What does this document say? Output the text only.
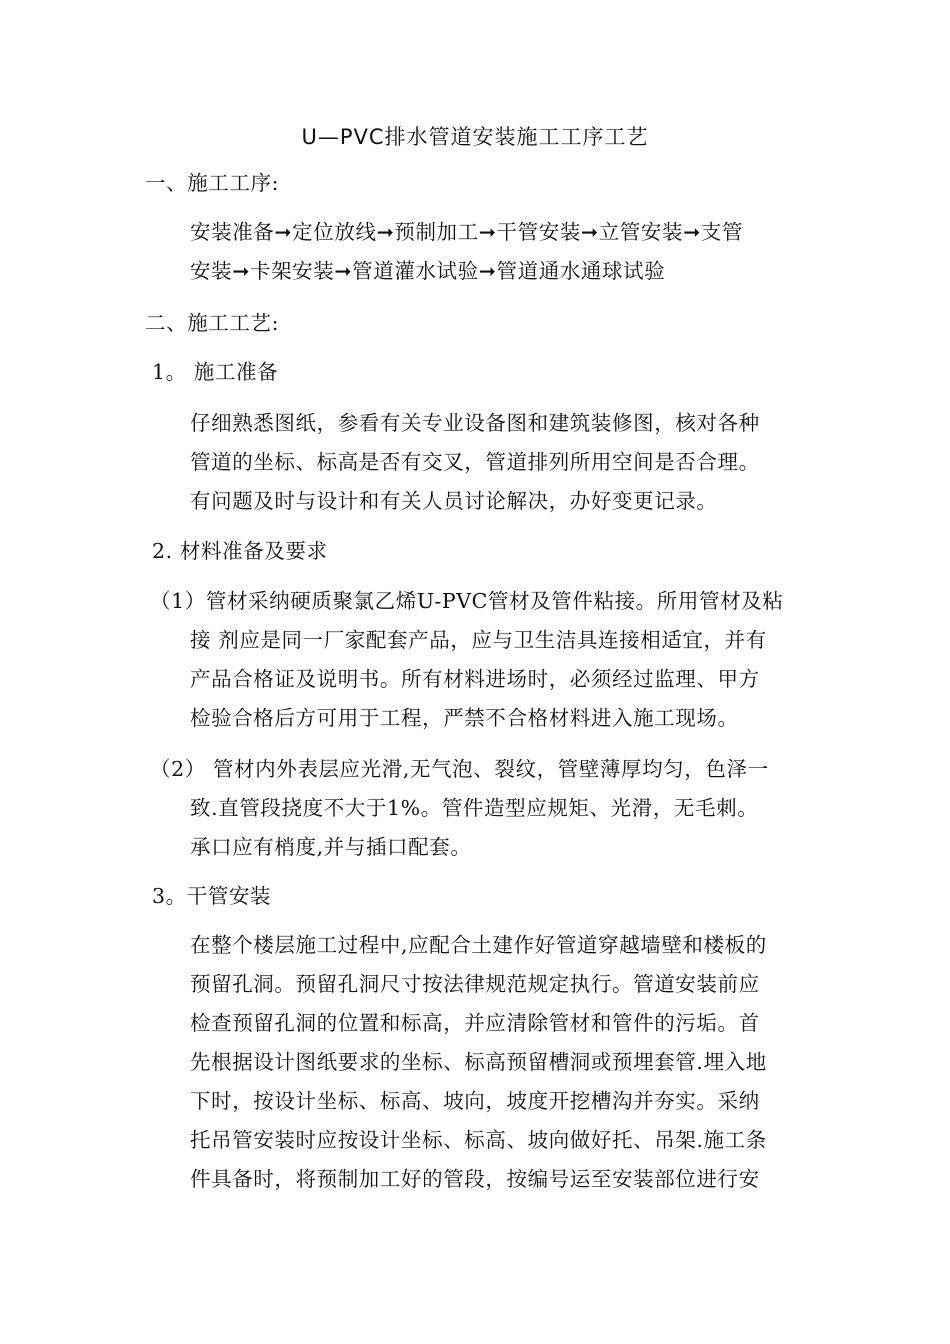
U—PVC排水管道安装施工工序工艺
一、施工工序:
安装准备➞定位放线➞预制加工➞干管安装➞立管安装➞支管
安装➞卡架安装➞管道灌水试验➞管道通水通球试验
二、施工工艺:
1。 施工准备
仔细熟悉图纸，参看有关专业设备图和建筑装修图，核对各种
管道的坐标、标高是否有交叉，管道排列所用空间是否合理。
有问题及时与设计和有关人员讨论解决，办好变更记录。
2. 材料准备及要求
（1）管材采纳硬质聚氯乙烯U-PVC管材及管件粘接。所用管材及粘
接 剂应是同一厂家配套产品，应与卫生洁具连接相适宜，并有
产品合格证及说明书。所有材料进场时，必须经过监理、甲方
检验合格后方可用于工程，严禁不合格材料进入施工现场。
（2） 管材内外表层应光滑,无气泡、裂纹，管壁薄厚均匀，色泽一
致.直管段挠度不大于1%。管件造型应规矩、光滑，无毛刺。
承口应有梢度,并与插口配套。
3。干管安装
在整个楼层施工过程中,应配合土建作好管道穿越墙壁和楼板的
预留孔洞。预留孔洞尺寸按法律规范规定执行。管道安装前应
检查预留孔洞的位置和标高，并应清除管材和管件的污垢。首
先根据设计图纸要求的坐标、标高预留槽洞或预埋套管.埋入地
下时，按设计坐标、标高、坡向，坡度开挖槽沟并夯实。采纳
托吊管安装时应按设计坐标、标高、坡向做好托、吊架.施工条
件具备时，将预制加工好的管段，按编号运至安装部位进行安
